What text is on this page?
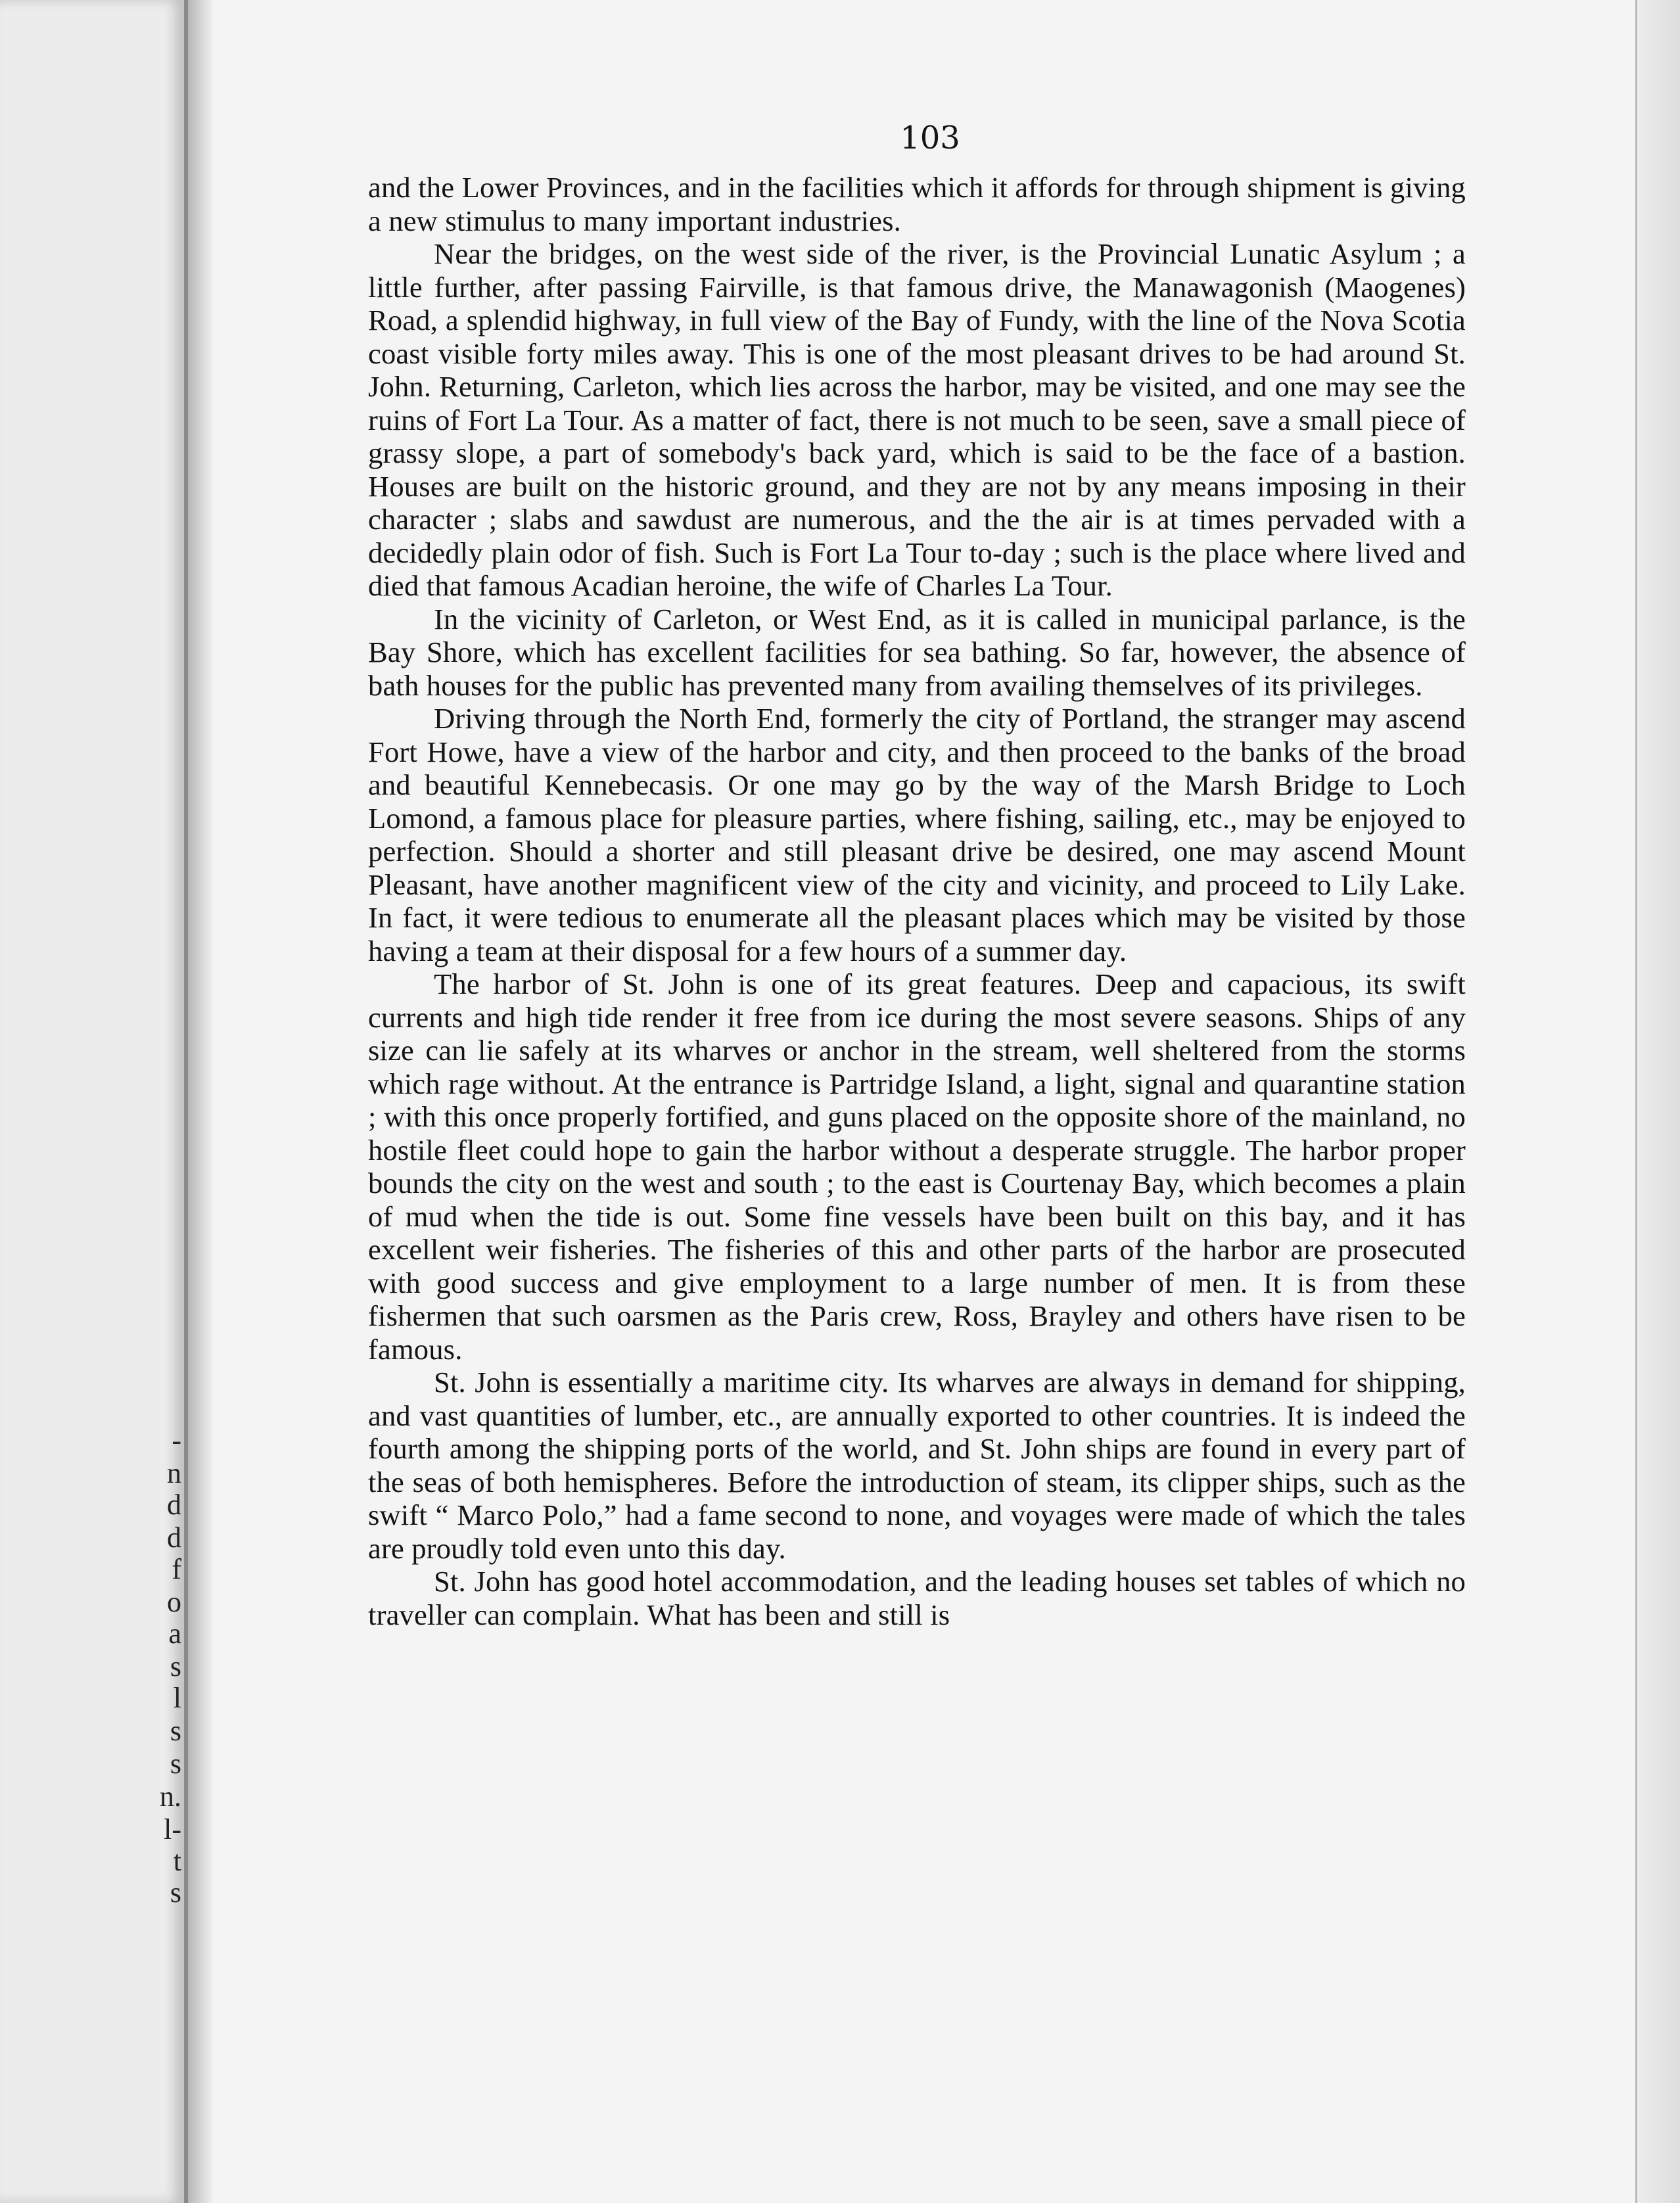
-
n
d
d
f
o
a
s
l
s
s
n.
l-
t
s
103

and the Lower Provinces, and in the facilities which it affords for through shipment is giving a new stimulus to many important industries.

Near the bridges, on the west side of the river, is the Provincial Lunatic Asylum ; a little further, after passing Fairville, is that famous drive, the Manawagonish (Maogenes) Road, a splendid highway, in full view of the Bay of Fundy, with the line of the Nova Scotia coast visible forty miles away. This is one of the most pleasant drives to be had around St. John. Returning, Carleton, which lies across the harbor, may be visited, and one may see the ruins of Fort La Tour. As a matter of fact, there is not much to be seen, save a small piece of grassy slope, a part of somebody's back yard, which is said to be the face of a bastion. Houses are built on the historic ground, and they are not by any means imposing in their character ; slabs and sawdust are numerous, and the the air is at times pervaded with a decidedly plain odor of fish. Such is Fort La Tour to-day ; such is the place where lived and died that famous Acadian heroine, the wife of Charles La Tour.

In the vicinity of Carleton, or West End, as it is called in municipal parlance, is the Bay Shore, which has excellent facilities for sea bathing. So far, however, the absence of bath houses for the public has prevented many from availing themselves of its privileges.

Driving through the North End, formerly the city of Portland, the stranger may ascend Fort Howe, have a view of the harbor and city, and then proceed to the banks of the broad and beautiful Kennebecasis. Or one may go by the way of the Marsh Bridge to Loch Lomond, a famous place for pleasure parties, where fishing, sailing, etc., may be enjoyed to perfection. Should a shorter and still pleasant drive be desired, one may ascend Mount Pleasant, have another magnificent view of the city and vicinity, and proceed to Lily Lake. In fact, it were tedious to enumerate all the pleasant places which may be visited by those having a team at their disposal for a few hours of a summer day.

The harbor of St. John is one of its great features. Deep and capacious, its swift currents and high tide render it free from ice during the most severe seasons. Ships of any size can lie safely at its wharves or anchor in the stream, well sheltered from the storms which rage without. At the entrance is Partridge Island, a light, signal and quarantine station ; with this once properly fortified, and guns placed on the opposite shore of the mainland, no hostile fleet could hope to gain the harbor without a desperate struggle. The harbor proper bounds the city on the west and south ; to the east is Courtenay Bay, which becomes a plain of mud when the tide is out. Some fine vessels have been built on this bay, and it has excellent weir fisheries. The fisheries of this and other parts of the harbor are prosecuted with good success and give employment to a large number of men. It is from these fishermen that such oarsmen as the Paris crew, Ross, Brayley and others have risen to be famous.

St. John is essentially a maritime city. Its wharves are always in demand for shipping, and vast quantities of lumber, etc., are annually exported to other countries. It is indeed the fourth among the shipping ports of the world, and St. John ships are found in every part of the seas of both hemispheres. Before the introduction of steam, its clipper ships, such as the swift “ Marco Polo,” had a fame second to none, and voyages were made of which the tales are proudly told even unto this day.

St. John has good hotel accommodation, and the leading houses set tables of which no traveller can complain. What has been and still is
